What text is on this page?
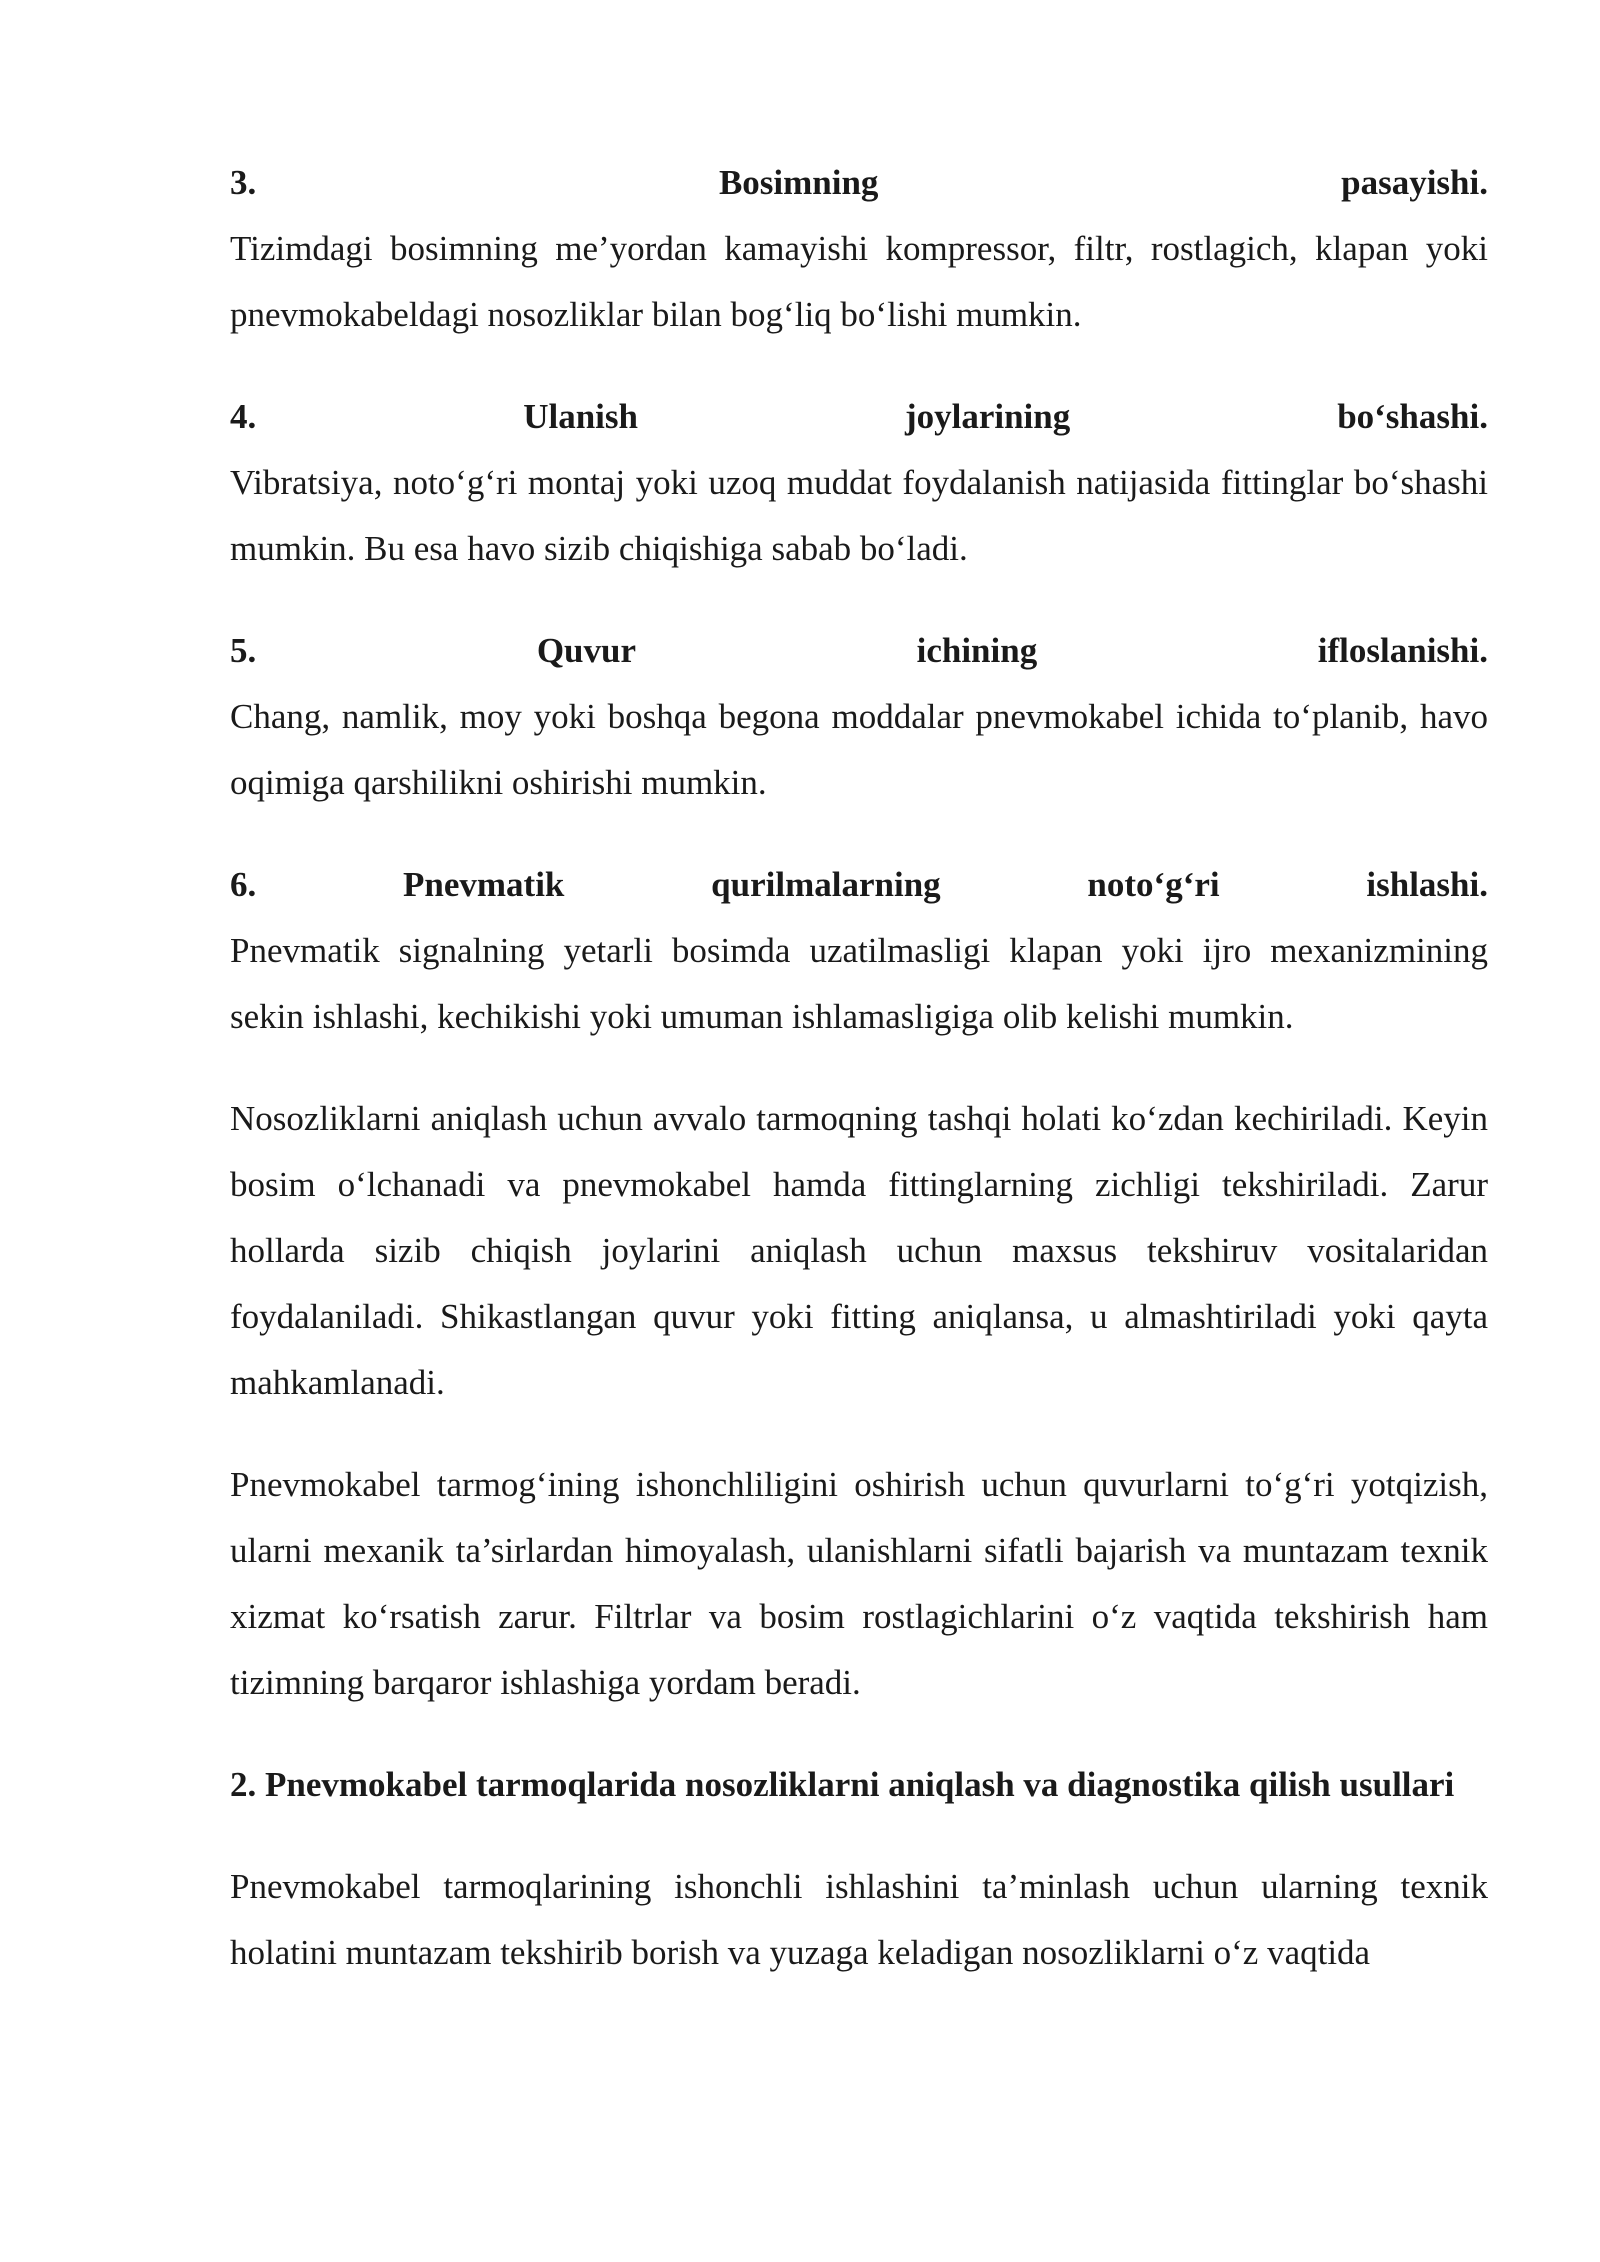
3.	Bosimning	pasayishi.
Tizimdagi bosimning me’yordan kamayishi kompressor, filtr, rostlagich, klapan yoki pnevmokabeldagi nosozliklar bilan bog‘liq bo‘lishi mumkin.
4.	Ulanish	joylarining	bo‘shashi.
Vibratsiya, noto‘g‘ri montaj yoki uzoq muddat foydalanish natijasida fittinglar bo‘shashi mumkin. Bu esa havo sizib chiqishiga sabab bo‘ladi.
5.	Quvur	ichining	ifloslanishi.
Chang, namlik, moy yoki boshqa begona moddalar pnevmokabel ichida to‘planib, havo oqimiga qarshilikni oshirishi mumkin.
6.	Pnevmatik	qurilmalarning	noto‘g‘ri	ishlashi.
Pnevmatik signalning yetarli bosimda uzatilmasligi klapan yoki ijro mexanizmining sekin ishlashi, kechikishi yoki umuman ishlamasligiga olib kelishi mumkin.

Nosozliklarni aniqlash uchun avvalo tarmoqning tashqi holati ko‘zdan kechiriladi. Keyin bosim o‘lchanadi va pnevmokabel hamda fittinglarning zichligi tekshiriladi. Zarur hollarda sizib chiqish joylarini aniqlash uchun maxsus tekshiruv vositalaridan foydalaniladi. Shikastlangan quvur yoki fitting aniqlansa, u almashtiriladi yoki qayta mahkamlanadi.

Pnevmokabel tarmog‘ining ishonchliligini oshirish uchun quvurlarni to‘g‘ri yotqizish, ularni mexanik ta’sirlardan himoyalash, ulanishlarni sifatli bajarish va muntazam texnik xizmat ko‘rsatish zarur. Filtrlar va bosim rostlagichlarini o‘z vaqtida tekshirish ham tizimning barqaror ishlashiga yordam beradi.

2. Pnevmokabel tarmoqlarida nosozliklarni aniqlash va diagnostika qilish usullari

Pnevmokabel tarmoqlarining ishonchli ishlashini ta’minlash uchun ularning texnik holatini muntazam tekshirib borish va yuzaga keladigan nosozliklarni o‘z vaqtida
